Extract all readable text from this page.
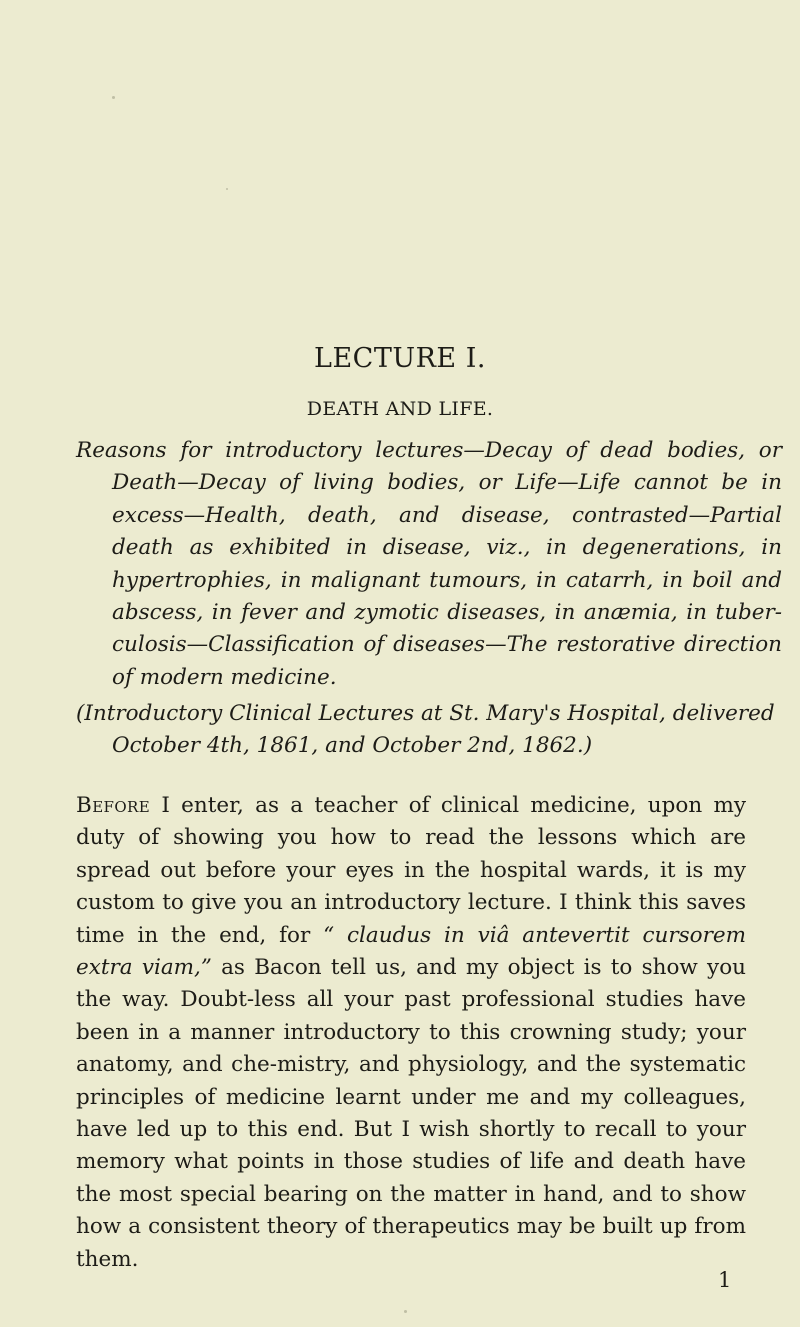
LECTURE I.
DEATH AND LIFE.
Reasons for introductory lectures—Decay of dead bodies, or Death—Decay of living bodies, or Life—Life cannot be in excess—Health, death, and disease, contrasted—Partial death as exhibited in disease, viz., in degenerations, in hypertrophies, in malignant tumours, in catarrh, in boil and abscess, in fever and zymotic diseases, in anæmia, in tuber-culosis—Classification of diseases—The restorative direction of modern medicine.
(Introductory Clinical Lectures at St. Mary's Hospital, delivered October 4th, 1861, and October 2nd, 1862.)
Before I enter, as a teacher of clinical medicine, upon my duty of showing you how to read the lessons which are spread out before your eyes in the hospital wards, it is my custom to give you an introductory lecture. I think this saves time in the end, for “ claudus in viâ antevertit cursorem extra viam,” as Bacon tell us, and my object is to show you the way. Doubt-less all your past professional studies have been in a manner introductory to this crowning study; your anatomy, and che-mistry, and physiology, and the systematic principles of medicine learnt under me and my colleagues, have led up to this end. But I wish shortly to recall to your memory what points in those studies of life and death have the most special bearing on the matter in hand, and to show how a consistent theory of therapeutics may be built up from them.
1
